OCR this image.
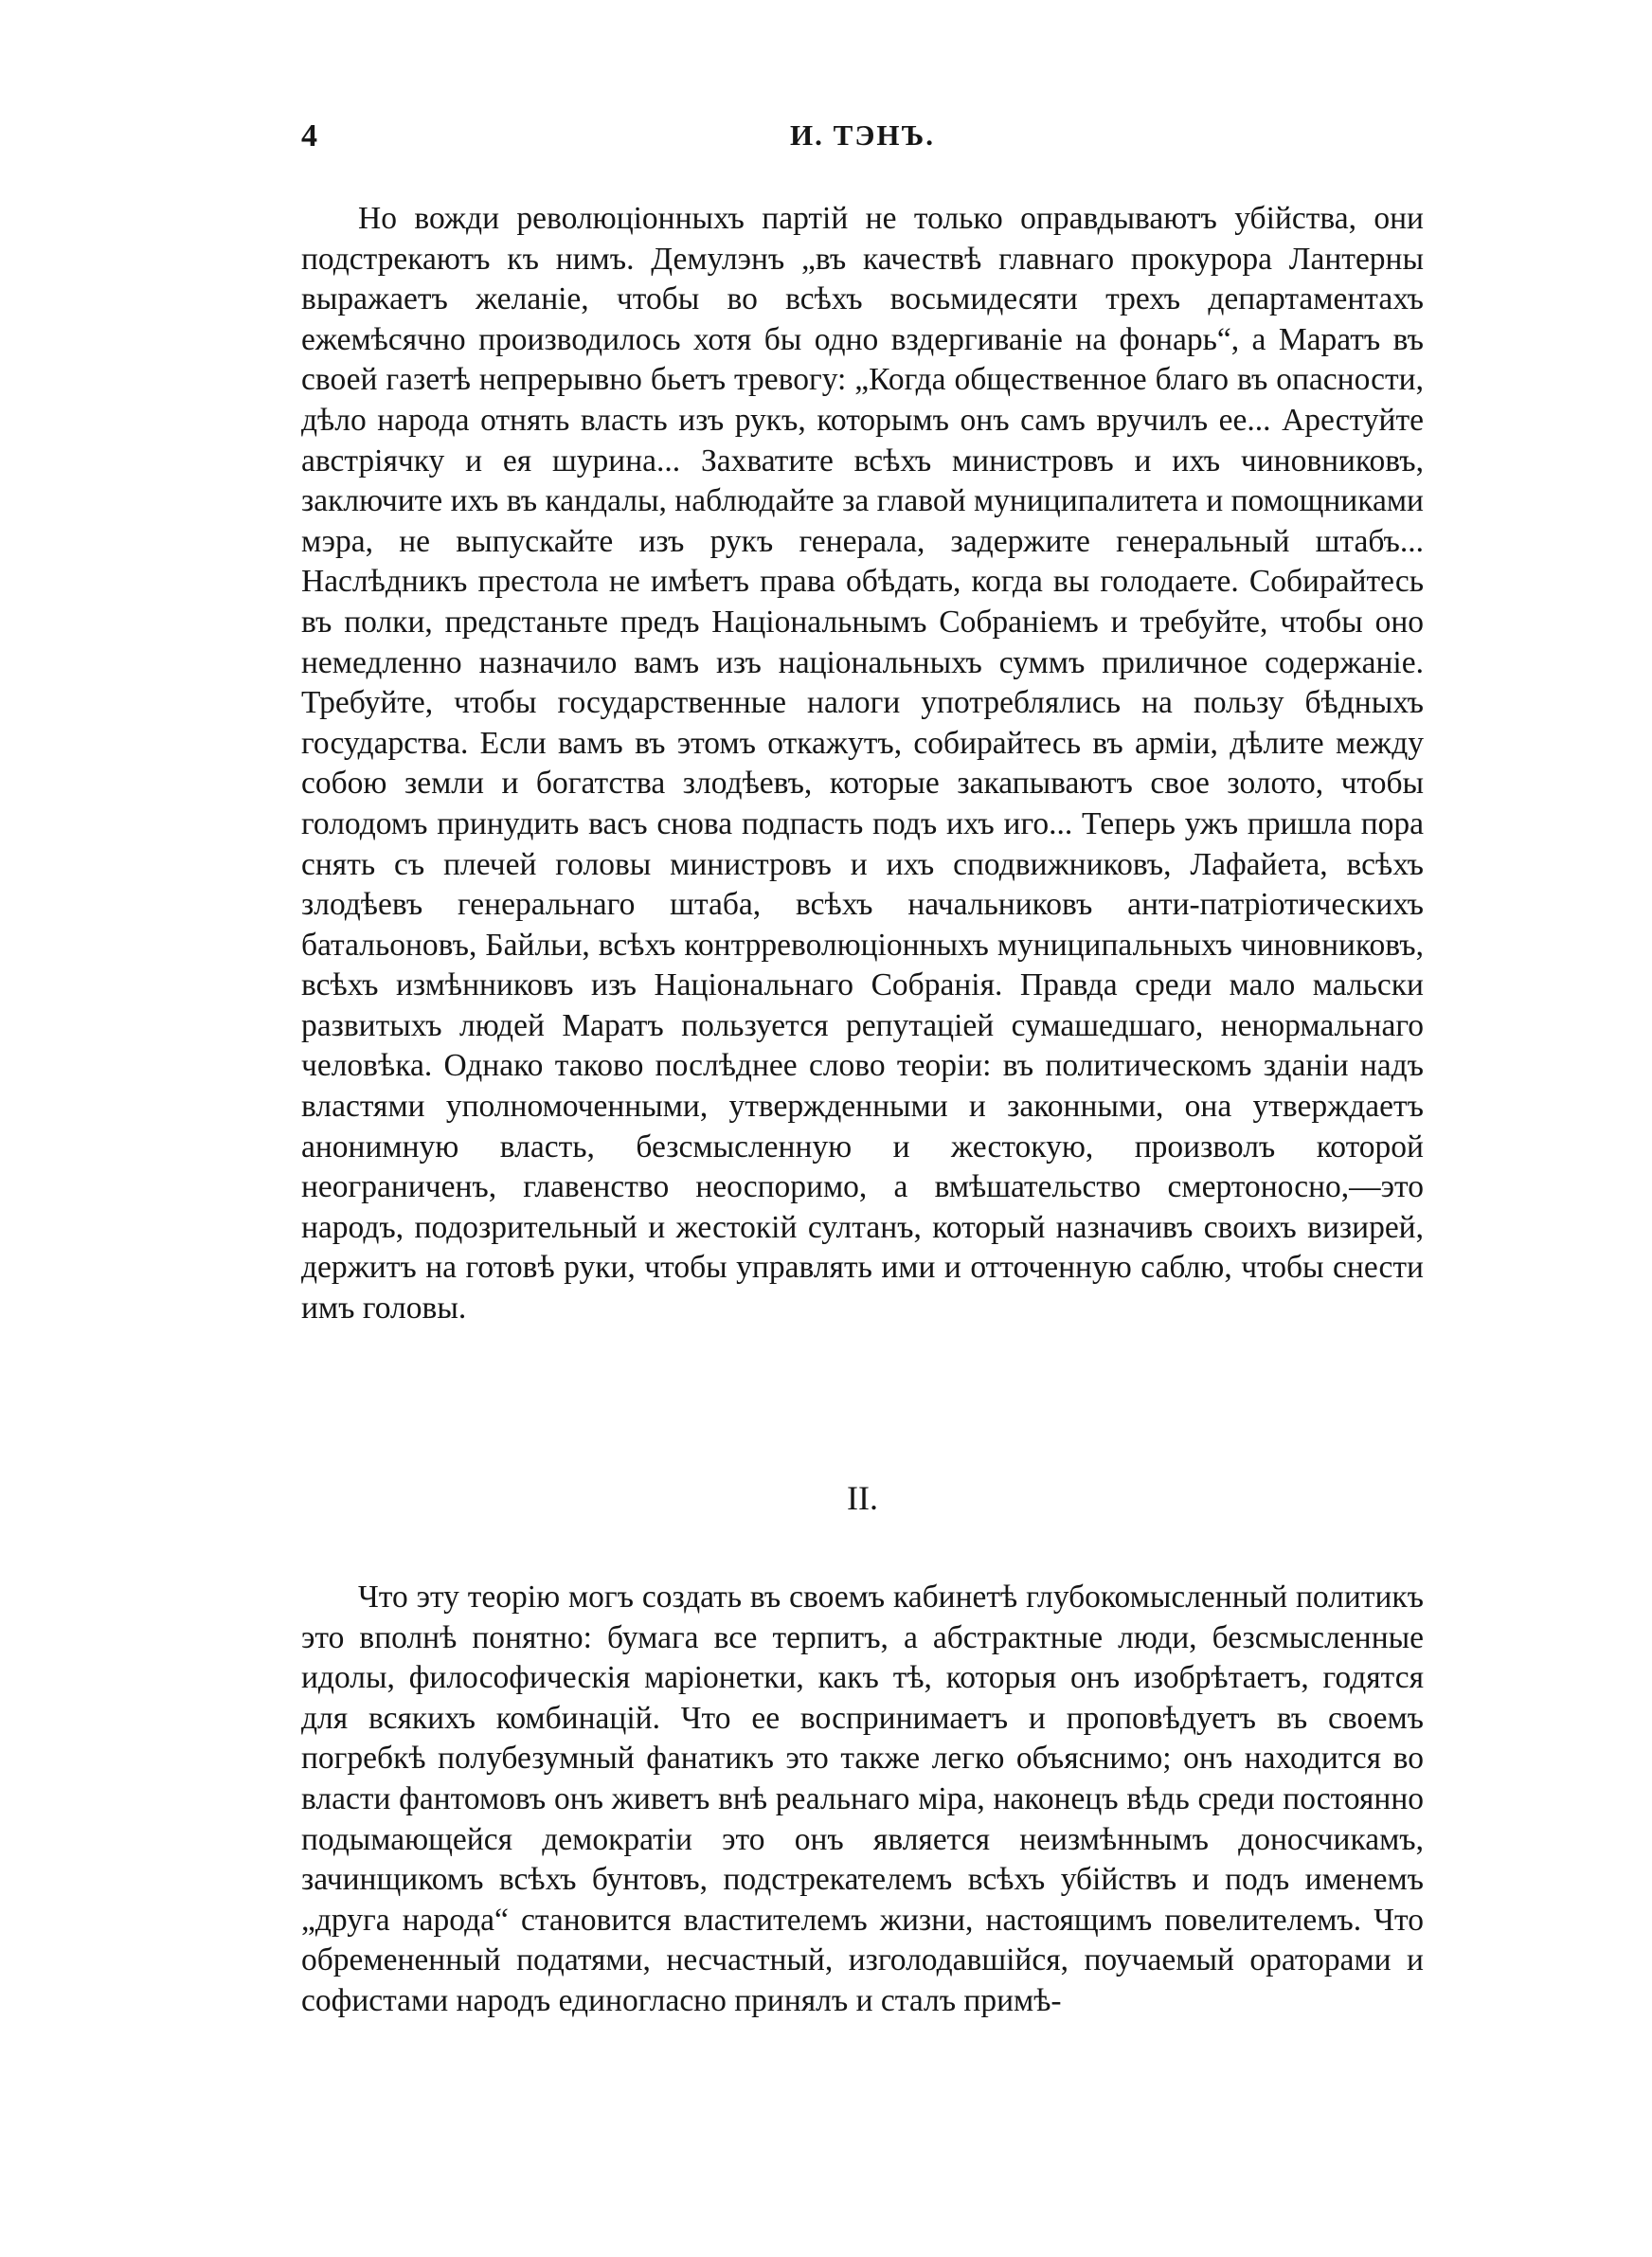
4	И. ТЭНЪ.

Но вожди революціонныхъ партій не только оправдываютъ убійства, они подстрекаютъ къ нимъ. Демулэнъ „въ качествѣ главнаго прокурора Лантерны выражаетъ желаніе, чтобы во всѣхъ восьмидесяти трехъ департаментахъ ежемѣсячно производилось хотя бы одно вздергиваніе на фонарь“, а Маратъ въ своей газетѣ непрерывно бьетъ тревогу: „Когда общественное благо въ опасности, дѣло народа отнять власть изъ рукъ, которымъ онъ самъ вручилъ ее... Арестуйте австріячку и ея шурина... Захватите всѣхъ министровъ и ихъ чиновниковъ, заключите ихъ въ кандалы, наблюдайте за главой муниципалитета и помощниками мэра, не выпускайте изъ рукъ генерала, задержите генеральный штабъ... Наслѣдникъ престола не имѣетъ права обѣдать, когда вы голодаете. Собирайтесь въ полки, предстаньте предъ Національнымъ Собраніемъ и требуйте, чтобы оно немедленно назначило вамъ изъ національныхъ суммъ приличное содержаніе. Требуйте, чтобы государственные налоги употреблялись на пользу бѣдныхъ государства. Если вамъ въ этомъ откажутъ, собирайтесь въ арміи, дѣлите между собою земли и богатства злодѣевъ, которые закапываютъ свое золото, чтобы голодомъ принудить васъ снова подпасть подъ ихъ иго... Теперь ужъ пришла пора снять съ плечей головы министровъ и ихъ сподвижниковъ, Лафайета, всѣхъ злодѣевъ генеральнаго штаба, всѣхъ начальниковъ анти-патріотическихъ батальоновъ, Байльи, всѣхъ контрреволюціонныхъ муниципальныхъ чиновниковъ, всѣхъ измѣнниковъ изъ Національнаго Собранія. Правда среди мало мальски развитыхъ людей Маратъ пользуется репутаціей сумашедшаго, ненормальнаго человѣка. Однако таково послѣднее слово теоріи: въ политическомъ зданіи надъ властями уполномоченными, утвержденными и законными, она утверждаетъ анонимную власть, безсмысленную и жестокую, произволъ которой неограниченъ, главенство неоспоримо, а вмѣшательство смертоносно,—это народъ, подозрительный и жестокій султанъ, который назначивъ своихъ визирей, держитъ на готовѣ руки, чтобы управлять ими и отточенную саблю, чтобы снести имъ головы.

II.

Что эту теорію могъ создать въ своемъ кабинетѣ глубокомысленный политикъ это вполнѣ понятно: бумага все терпитъ, а абстрактные люди, безсмысленные идолы, философическія маріонетки, какъ тѣ, которыя онъ изобрѣтаетъ, годятся для всякихъ комбинацій. Что ее воспринимаетъ и проповѣдуетъ въ своемъ погребкѣ полубезумный фанатикъ это также легко объяснимо; онъ находится во власти фантомовъ онъ живетъ внѣ реальнаго міра, наконецъ вѣдь среди постоянно подымающейся демократіи это онъ является неизмѣннымъ доносчикамъ, зачинщикомъ всѣхъ бунтовъ, подстрекателемъ всѣхъ убійствъ и подъ именемъ „друга народа“ становится властителемъ жизни, настоящимъ повелителемъ. Что обремененный податями, несчастный, изголодавшійся, поучаемый ораторами и софистами народъ единогласно принялъ и сталъ примѣ-
